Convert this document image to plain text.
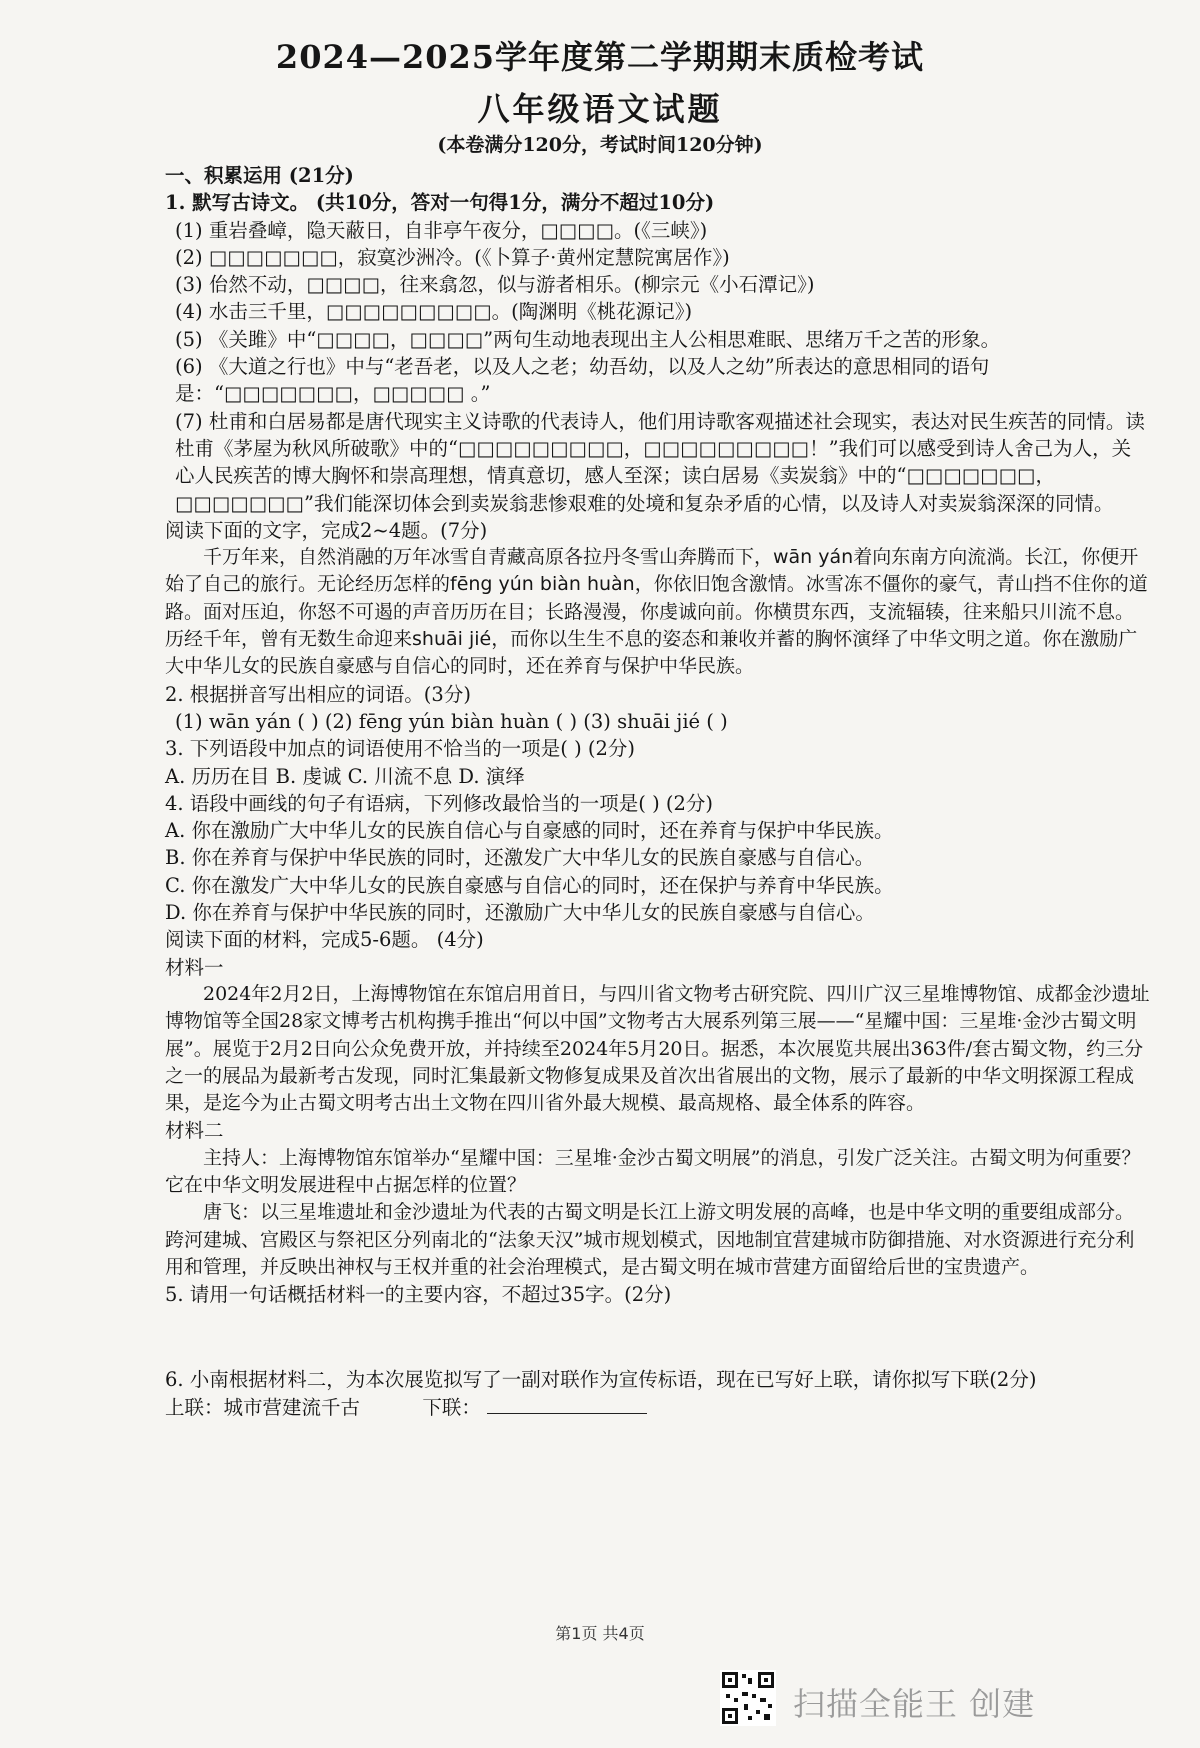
2024—2025学年度第二学期期末质检考试
八年级语文试题
(本卷满分120分，考试时间120分钟)

一、积累运用 (21分)

1. 默写古诗文。 (共10分，答对一句得1分，满分不超过10分)

(1) 重岩叠嶂，隐天蔽日，自非亭午夜分，□□□□。(《三峡》)

(2) □□□□□□□，寂寞沙洲冷。(《卜算子·黄州定慧院寓居作》)

(3) 佁然不动，□□□□，往来翕忽，似与游者相乐。(柳宗元《小石潭记》)

(4) 水击三千里，□□□□□□□□□。(陶渊明《桃花源记》)

(5) 《关雎》中“□□□□，□□□□”两句生动地表现出主人公相思难眠、思绪万千之苦的形象。

(6) 《大道之行也》中与“老吾老，以及人之老；幼吾幼，以及人之幼”所表达的意思相同的语句是：“□□□□□□□，□□□□□ 。”

(7) 杜甫和白居易都是唐代现实主义诗歌的代表诗人，他们用诗歌客观描述社会现实，表达对民生疾苦的同情。读杜甫《茅屋为秋风所破歌》中的“□□□□□□□□□，□□□□□□□□□！”我们可以感受到诗人舍己为人，关心人民疾苦的博大胸怀和崇高理想，情真意切，感人至深；读白居易《卖炭翁》中的“□□□□□□□，□□□□□□□”我们能深切体会到卖炭翁悲惨艰难的处境和复杂矛盾的心情，以及诗人对卖炭翁深深的同情。

阅读下面的文字，完成2~4题。(7分)

千万年来，自然消融的万年冰雪自青藏高原各拉丹冬雪山奔腾而下，wān yán着向东南方向流淌。长江，你便开始了自己的旅行。无论经历怎样的fēng yún biàn huàn，你依旧饱含激情。冰雪冻不僵你的豪气，青山挡不住你的道路。面对压迫，你怒不可遏的声音历历在目；长路漫漫，你虔诚向前。你横贯东西，支流辐辏，往来船只川流不息。历经千年，曾有无数生命迎来shuāi jié，而你以生生不息的姿态和兼收并蓄的胸怀演绎了中华文明之道。你在激励广大中华儿女的民族自豪感与自信心的同时，还在养育与保护中华民族。

2. 根据拼音写出相应的词语。(3分)

(1) wān yán ( ) (2) fēng yún biàn huàn ( ) (3) shuāi jié ( )

3. 下列语段中加点的词语使用不恰当的一项是( ) (2分)

A. 历历在目 B. 虔诚 C. 川流不息 D. 演绎

4. 语段中画线的句子有语病，下列修改最恰当的一项是( ) (2分)

A. 你在激励广大中华儿女的民族自信心与自豪感的同时，还在养育与保护中华民族。

B. 你在养育与保护中华民族的同时，还激发广大中华儿女的民族自豪感与自信心。

C. 你在激发广大中华儿女的民族自豪感与自信心的同时，还在保护与养育中华民族。

D. 你在养育与保护中华民族的同时，还激励广大中华儿女的民族自豪感与自信心。

阅读下面的材料，完成5-6题。 (4分)

材料一

2024年2月2日，上海博物馆在东馆启用首日，与四川省文物考古研究院、四川广汉三星堆博物馆、成都金沙遗址博物馆等全国28家文博考古机构携手推出“何以中国”文物考古大展系列第三展——“星耀中国：三星堆·金沙古蜀文明展”。展览于2月2日向公众免费开放，并持续至2024年5月20日。据悉，本次展览共展出363件/套古蜀文物，约三分之一的展品为最新考古发现，同时汇集最新文物修复成果及首次出省展出的文物，展示了最新的中华文明探源工程成果，是迄今为止古蜀文明考古出土文物在四川省外最大规模、最高规格、最全体系的阵容。

材料二

主持人：上海博物馆东馆举办“星耀中国：三星堆·金沙古蜀文明展”的消息，引发广泛关注。古蜀文明为何重要？它在中华文明发展进程中占据怎样的位置？

唐飞：以三星堆遗址和金沙遗址为代表的古蜀文明是长江上游文明发展的高峰，也是中华文明的重要组成部分。跨河建城、宫殿区与祭祀区分列南北的“法象天汉”城市规划模式，因地制宜营建城市防御措施、对水资源进行充分利用和管理，并反映出神权与王权并重的社会治理模式，是古蜀文明在城市营建方面留给后世的宝贵遗产。

5. 请用一句话概括材料一的主要内容，不超过35字。(2分)

6. 小南根据材料二，为本次展览拟写了一副对联作为宣传标语，现在已写好上联，请你拟写下联(2分)

上联：城市营建流千古	下联：

第1页 共4页
扫描全能王 创建
